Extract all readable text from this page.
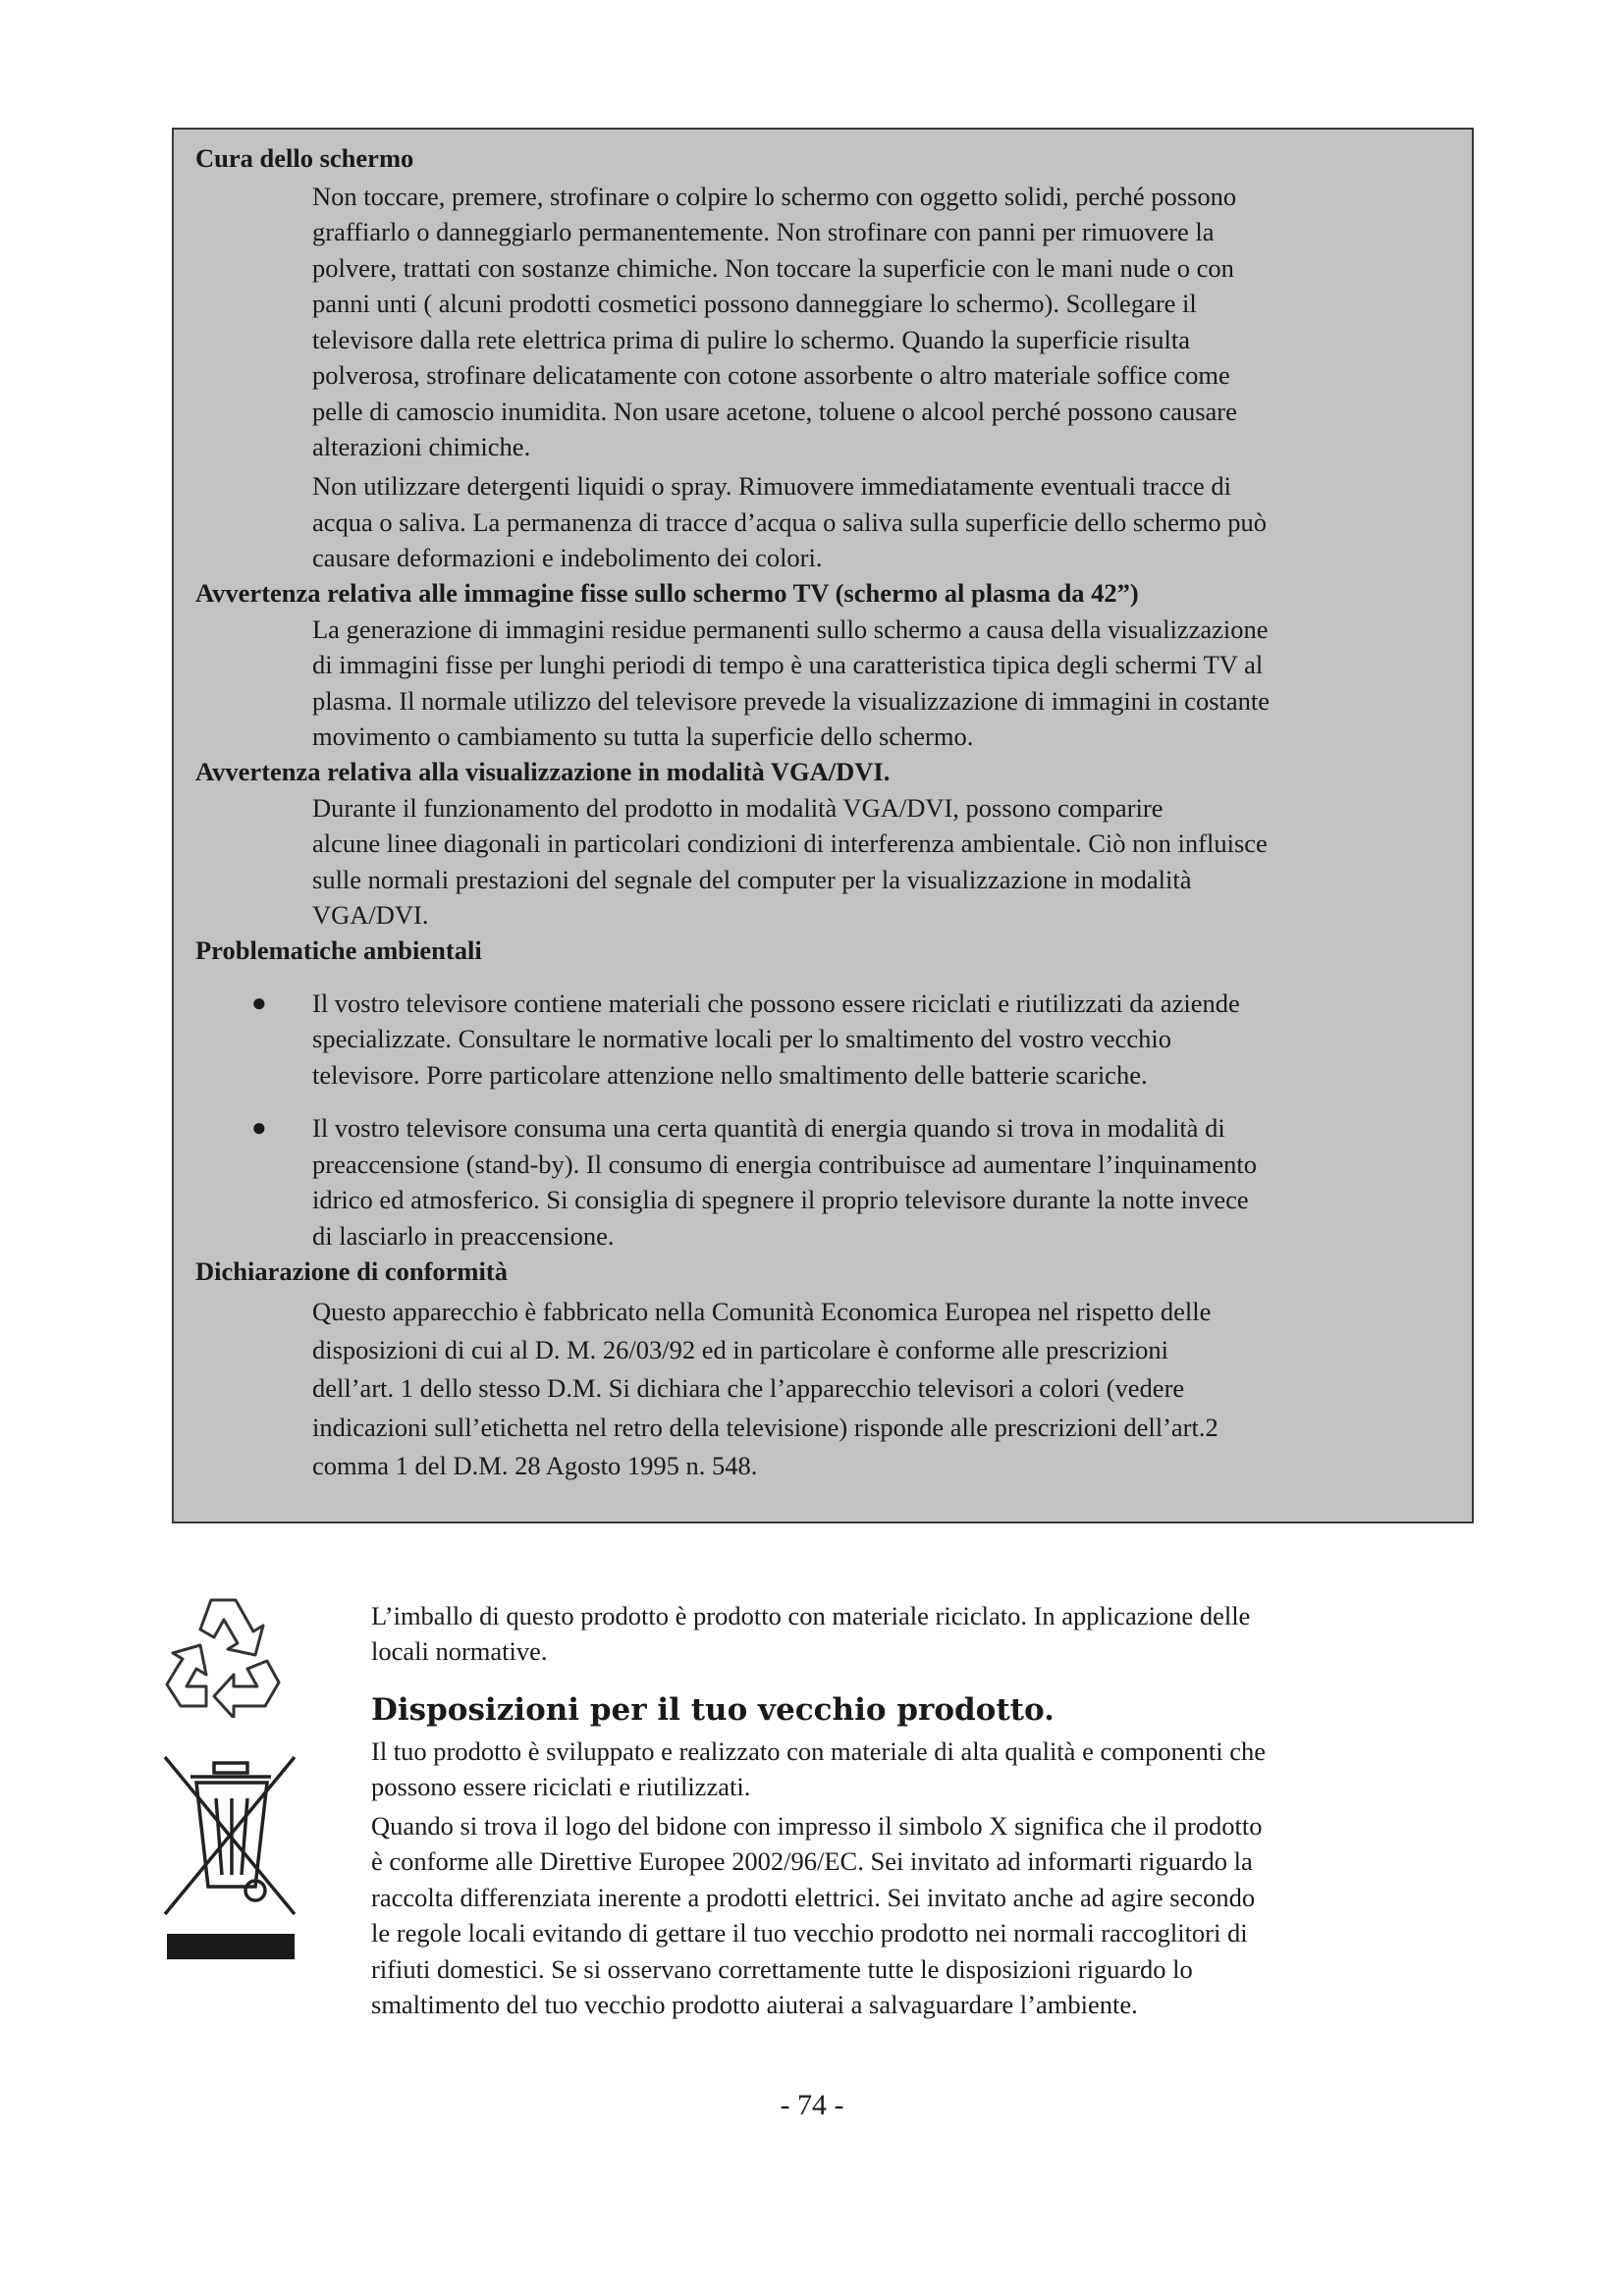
Cura dello schermo

Non toccare, premere, strofinare o colpire lo schermo con oggetto solidi, perché possono

graffiarlo o danneggiarlo permanentemente. Non strofinare con panni per rimuovere la

polvere, trattati con sostanze chimiche. Non toccare la superficie con le mani nude o con

panni unti ( alcuni prodotti cosmetici possono danneggiare lo schermo). Scollegare il

televisore dalla rete elettrica prima di pulire lo schermo. Quando la superficie risulta

polverosa, strofinare delicatamente con cotone assorbente o altro materiale soffice come

pelle di camoscio inumidita. Non usare acetone, toluene o alcool perché possono causare

alterazioni chimiche.

Non utilizzare detergenti liquidi o spray. Rimuovere immediatamente eventuali tracce di

acqua o saliva. La permanenza di tracce d’acqua o saliva sulla superficie dello schermo può

causare deformazioni e indebolimento dei colori.

Avvertenza relativa alle immagine fisse sullo schermo TV (schermo al plasma da 42”)

La generazione di immagini residue permanenti sullo schermo a causa della visualizzazione

di immagini fisse per lunghi periodi di tempo è una caratteristica tipica degli schermi TV al

plasma. Il normale utilizzo del televisore prevede la visualizzazione di immagini in costante

movimento o cambiamento su tutta la superficie dello schermo.

Avvertenza relativa alla visualizzazione in modalità VGA/DVI.

Durante il funzionamento del prodotto in modalità VGA/DVI, possono comparire

alcune linee diagonali in particolari condizioni di interferenza ambientale. Ciò non influisce

sulle normali prestazioni del segnale del computer per la visualizzazione in modalità

VGA/DVI.

Problematiche ambientali

● Il vostro televisore contiene materiali che possono essere riciclati e riutilizzati da aziende

specializzate. Consultare le normative locali per lo smaltimento del vostro vecchio

televisore. Porre particolare attenzione nello smaltimento delle batterie scariche.

● Il vostro televisore consuma una certa quantità di energia quando si trova in modalità di

preaccensione (stand-by). Il consumo di energia contribuisce ad aumentare l’inquinamento

idrico ed atmosferico. Si consiglia di spegnere il proprio televisore durante la notte invece

di lasciarlo in preaccensione.

Dichiarazione di conformità

Questo apparecchio è fabbricato nella Comunità Economica Europea nel rispetto delle

disposizioni di cui al D. M. 26/03/92 ed in particolare è conforme alle prescrizioni

dell’art. 1 dello stesso D.M. Si dichiara che l’apparecchio televisori a colori (vedere

indicazioni sull’etichetta nel retro della televisione) risponde alle prescrizioni dell’art.2

comma 1 del D.M. 28 Agosto 1995 n. 548.

L’imballo di questo prodotto è prodotto con materiale riciclato. In applicazione delle

locali normative.

Disposizioni per il tuo vecchio prodotto.

Il tuo prodotto è sviluppato e realizzato con materiale di alta qualità e componenti che

possono essere riciclati e riutilizzati.

Quando si trova il logo del bidone con impresso il simbolo X significa che il prodotto

è conforme alle Direttive Europee 2002/96/EC. Sei invitato ad informarti riguardo la

raccolta differenziata inerente a prodotti elettrici. Sei invitato anche ad agire secondo

le regole locali evitando di gettare il tuo vecchio prodotto nei normali raccoglitori di

rifiuti domestici. Se si osservano correttamente tutte le disposizioni riguardo lo

smaltimento del tuo vecchio prodotto aiuterai a salvaguardare l’ambiente.

- 74 -
